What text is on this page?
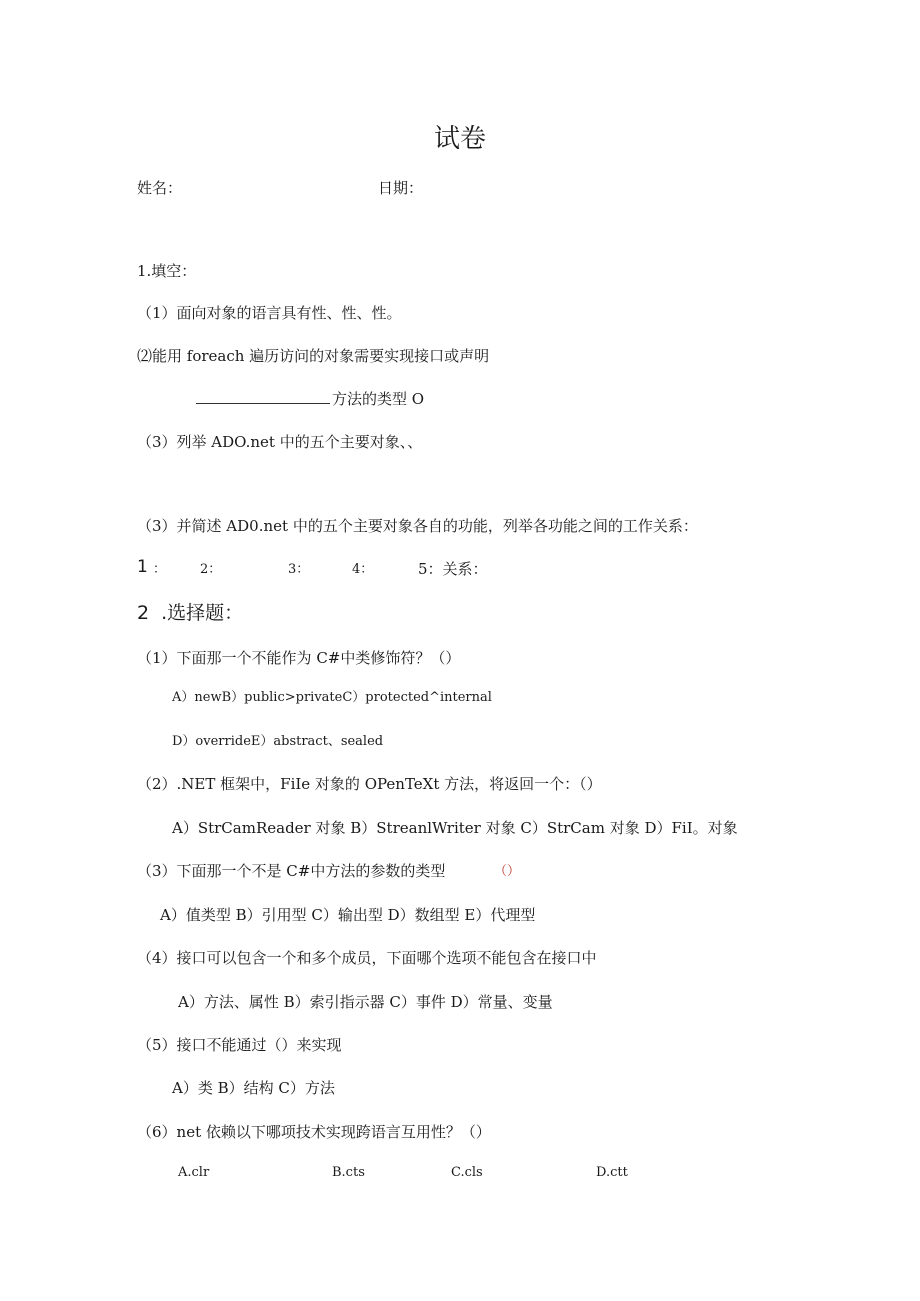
试卷
姓名：	日期：
1.填空：
（1）面向对象的语言具有性、性、性。
⑵能用 foreach 遍历访问的对象需要实现接口或声明
方法的类型 O
（3）列举 ADO.net 中的五个主要对象、、
（3）并简述 AD0.net 中的五个主要对象各自的功能，列举各功能之间的工作关系：
1 ：	2：	3：	4：	5：关系：
2 .选择题：
（1）下面那一个不能作为 C#中类修饰符？（）
A）newB）public>privateC）protected^internal
D）overrideE）abstract、sealed
（2）.NET 框架中，FiIe 对象的 OPenTeXt 方法，将返回一个：（）
A）StrCamReader 对象 B）StreanlWriter 对象 C）StrCam 对象 D）FiI。对象
（3）下面那一个不是 C#中方法的参数的类型	（）
A）值类型 B）引用型 C）输出型 D）数组型 E）代理型
（4）接口可以包含一个和多个成员，下面哪个选项不能包含在接口中
A）方法、属性 B）索引指示器 C）事件 D）常量、变量
（5）接口不能通过（）来实现
A）类 B）结构 C）方法
（6）net 依赖以下哪项技术实现跨语言互用性？（）
A.clr	B.cts	C.cls	D.ctt
